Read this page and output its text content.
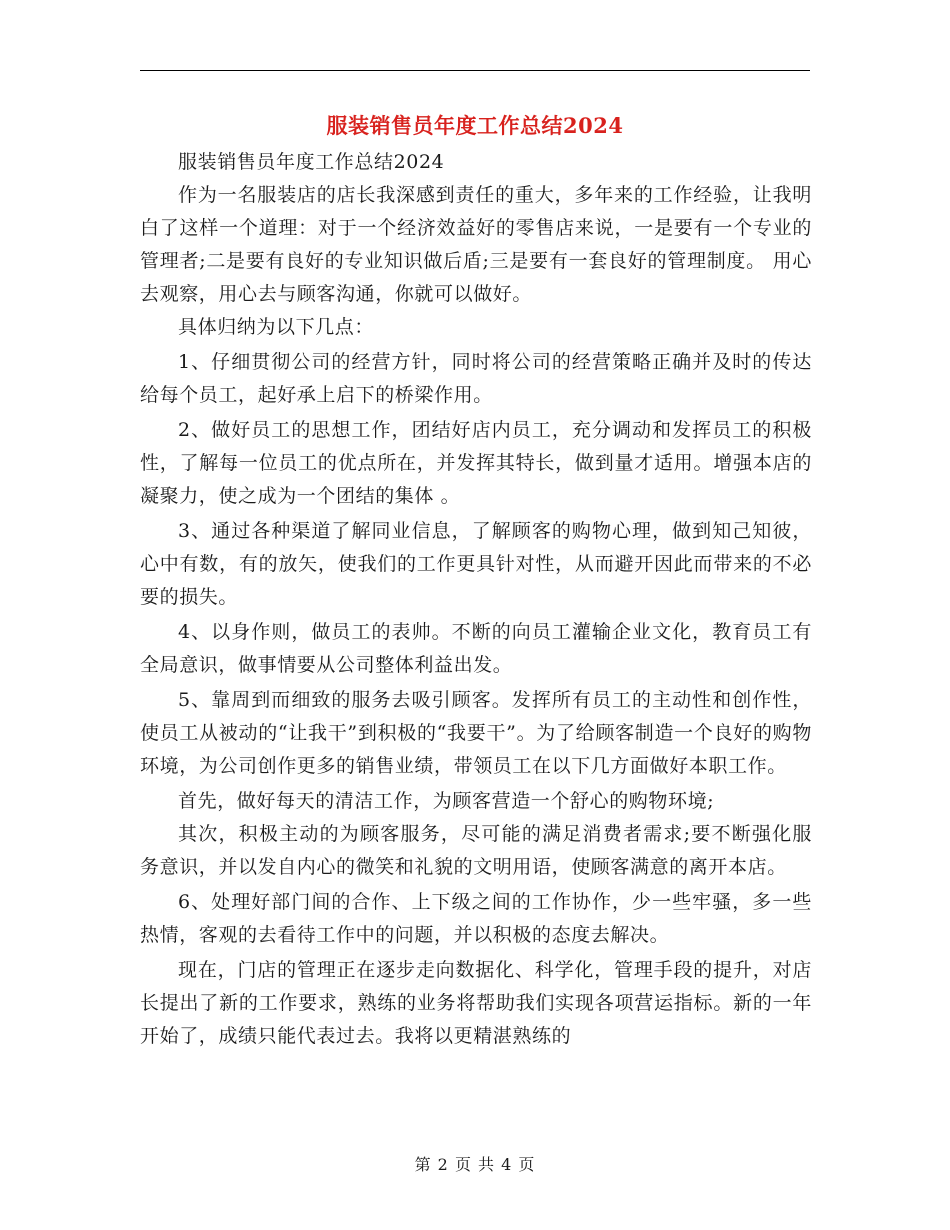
服装销售员年度工作总结2024

服装销售员年度工作总结2024

作为一名服装店的店长我深感到责任的重大，多年来的工作经验，让我明白了这样一个道理：对于一个经济效益好的零售店来说，一是要有一个专业的管理者;二是要有良好的专业知识做后盾;三是要有一套良好的管理制度。 用心去观察，用心去与顾客沟通，你就可以做好。

具体归纳为以下几点：

1、仔细贯彻公司的经营方针，同时将公司的经营策略正确并及时的传达给每个员工，起好承上启下的桥梁作用。

2、做好员工的思想工作，团结好店内员工，充分调动和发挥员工的积极性，了解每一位员工的优点所在，并发挥其特长，做到量才适用。增强本店的凝聚力，使之成为一个团结的集体 。

3、通过各种渠道了解同业信息，了解顾客的购物心理，做到知己知彼，心中有数，有的放矢，使我们的工作更具针对性，从而避开因此而带来的不必要的损失。

4、以身作则，做员工的表帅。不断的向员工灌输企业文化，教育员工有全局意识，做事情要从公司整体利益出发。

5、靠周到而细致的服务去吸引顾客。发挥所有员工的主动性和创作性，使员工从被动的“让我干”到积极的“我要干”。为了给顾客制造一个良好的购物环境，为公司创作更多的销售业绩，带领员工在以下几方面做好本职工作。

首先，做好每天的清洁工作，为顾客营造一个舒心的购物环境;

其次，积极主动的为顾客服务，尽可能的满足消费者需求;要不断强化服务意识，并以发自内心的微笑和礼貌的文明用语，使顾客满意的离开本店。

6、处理好部门间的合作、上下级之间的工作协作，少一些牢骚，多一些热情，客观的去看待工作中的问题，并以积极的态度去解决。

现在，门店的管理正在逐步走向数据化、科学化，管理手段的提升，对店长提出了新的工作要求，熟练的业务将帮助我们实现各项营运指标。新的一年开始了，成绩只能代表过去。我将以更精湛熟练的

第 2 页 共 4 页
